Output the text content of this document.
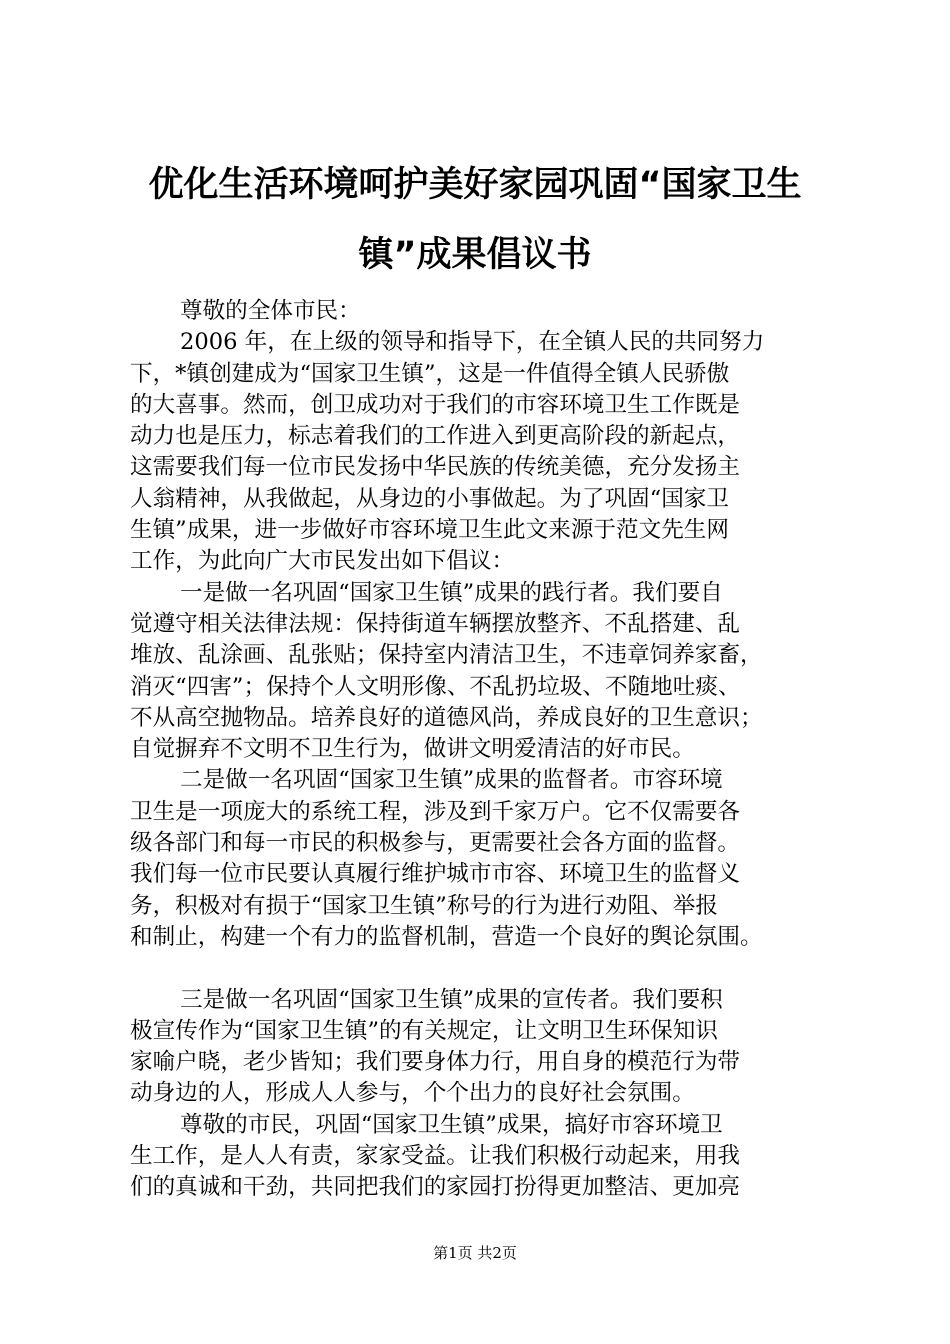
优化生活环境呵护美好家园巩固“国家卫生
镇”成果倡议书
尊敬的全体市民：
2006 年，在上级的领导和指导下，在全镇人民的共同努力
下，*镇创建成为“国家卫生镇”，这是一件值得全镇人民骄傲
的大喜事。然而，创卫成功对于我们的市容环境卫生工作既是
动力也是压力，标志着我们的工作进入到更高阶段的新起点，
这需要我们每一位市民发扬中华民族的传统美德，充分发扬主
人翁精神，从我做起，从身边的小事做起。为了巩固“国家卫
生镇”成果，进一步做好市容环境卫生此文来源于范文先生网
工作，为此向广大市民发出如下倡议：
一是做一名巩固“国家卫生镇”成果的践行者。我们要自
觉遵守相关法律法规：保持街道车辆摆放整齐、不乱搭建、乱
堆放、乱涂画、乱张贴；保持室内清洁卫生，不违章饲养家畜，
消灭“四害”；保持个人文明形像、不乱扔垃圾、不随地吐痰、
不从高空抛物品。培养良好的道德风尚，养成良好的卫生意识；
自觉摒弃不文明不卫生行为，做讲文明爱清洁的好市民。
二是做一名巩固“国家卫生镇”成果的监督者。市容环境
卫生是一项庞大的系统工程，涉及到千家万户。它不仅需要各
级各部门和每一市民的积极参与，更需要社会各方面的监督。
我们每一位市民要认真履行维护城市市容、环境卫生的监督义
务，积极对有损于“国家卫生镇”称号的行为进行劝阻、举报
和制止，构建一个有力的监督机制，营造一个良好的舆论氛围。
三是做一名巩固“国家卫生镇”成果的宣传者。我们要积
极宣传作为“国家卫生镇”的有关规定，让文明卫生环保知识
家喻户晓，老少皆知；我们要身体力行，用自身的模范行为带
动身边的人，形成人人参与，个个出力的良好社会氛围。
尊敬的市民，巩固“国家卫生镇”成果，搞好市容环境卫
生工作，是人人有责，家家受益。让我们积极行动起来，用我
们的真诚和干劲，共同把我们的家园打扮得更加整洁、更加亮
第1页 共2页
